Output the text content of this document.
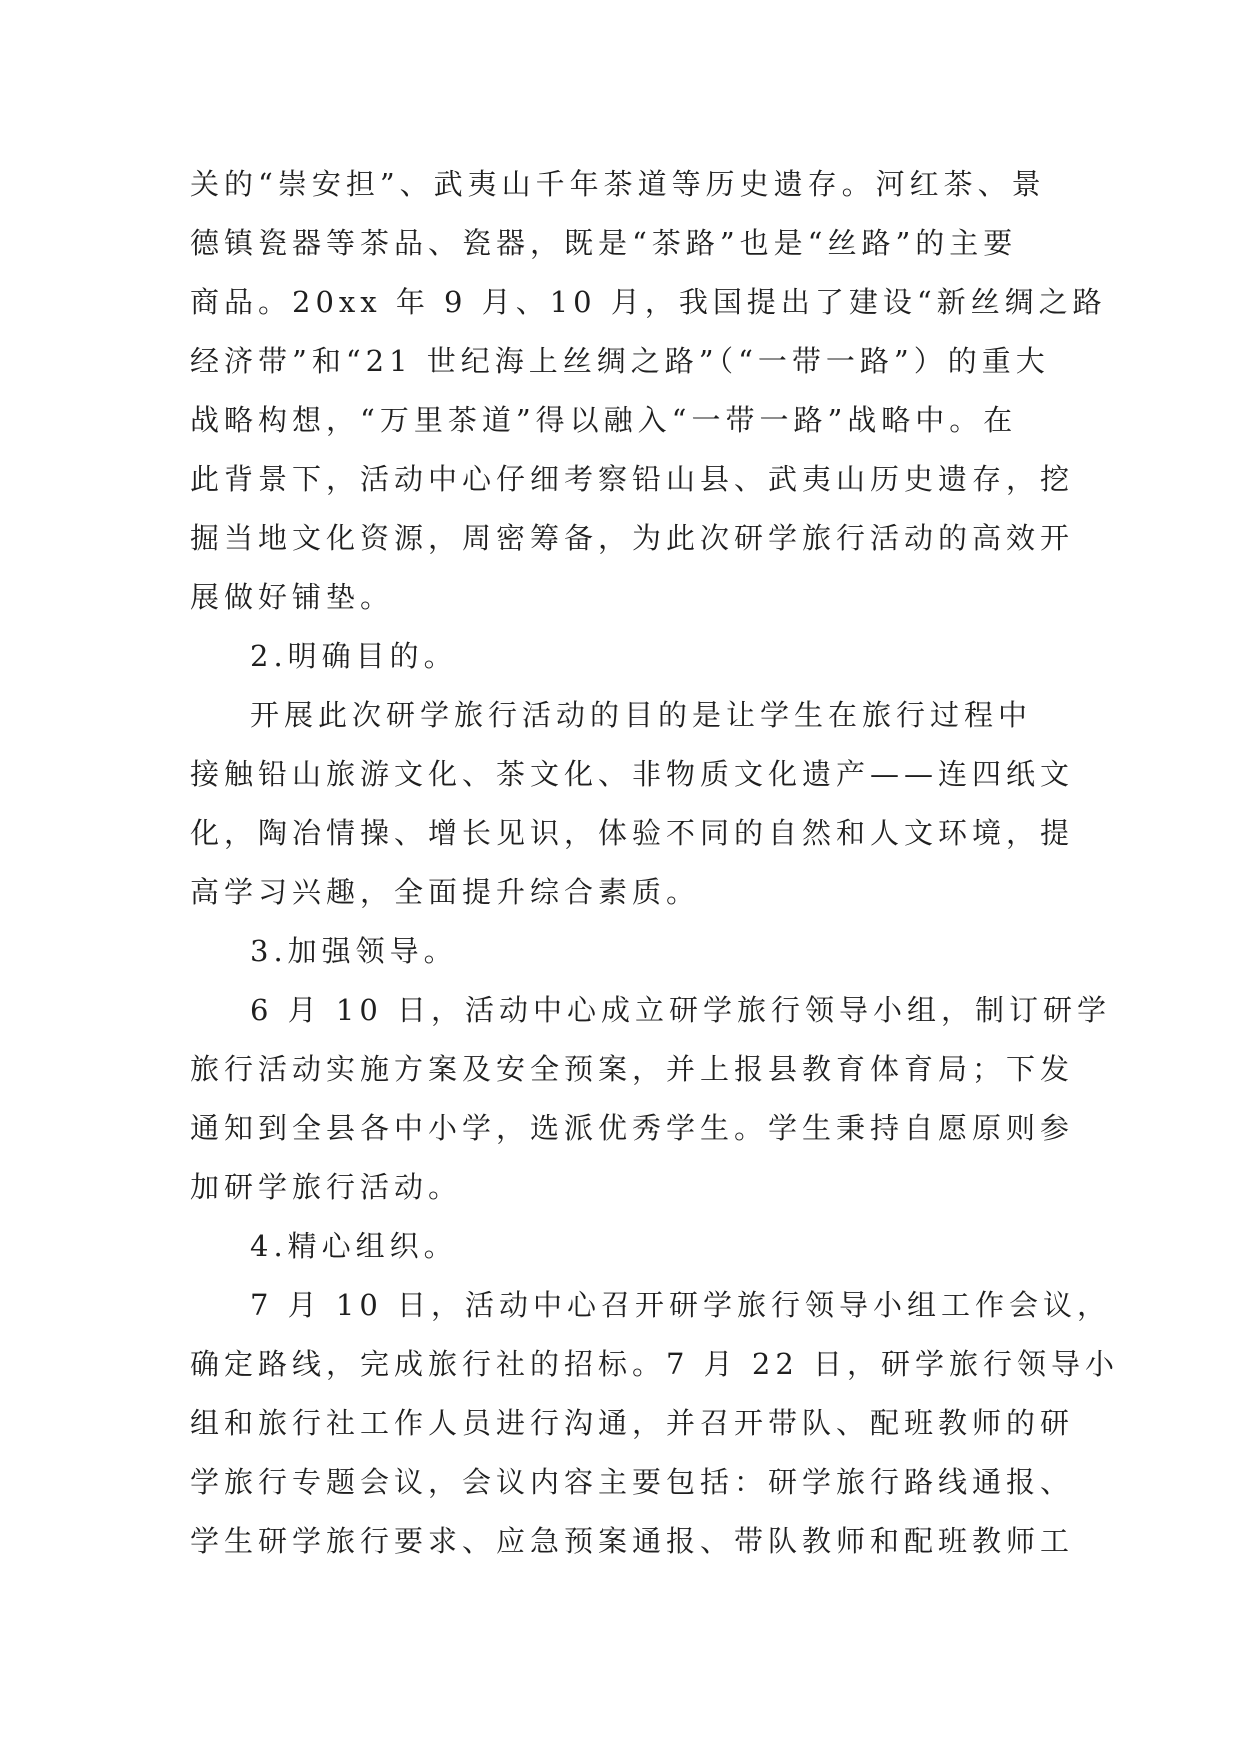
关的“崇安担”、武夷山千年茶道等历史遗存。河红茶、景
德镇瓷器等茶品、瓷器，既是“茶路”也是“丝路”的主要
商品。20xx 年 9 月、10 月，我国提出了建设“新丝绸之路
经济带”和“21 世纪海上丝绸之路”（“一带一路”）的重大
战略构想，“万里茶道”得以融入“一带一路”战略中。在
此背景下，活动中心仔细考察铅山县、武夷山历史遗存，挖
掘当地文化资源，周密筹备，为此次研学旅行活动的高效开
展做好铺垫。
2.明确目的。
开展此次研学旅行活动的目的是让学生在旅行过程中
接触铅山旅游文化、茶文化、非物质文化遗产——连四纸文
化，陶冶情操、增长见识，体验不同的自然和人文环境，提
高学习兴趣，全面提升综合素质。
3.加强领导。
6 月 10 日，活动中心成立研学旅行领导小组，制订研学
旅行活动实施方案及安全预案，并上报县教育体育局；下发
通知到全县各中小学，选派优秀学生。学生秉持自愿原则参
加研学旅行活动。
4.精心组织。
7 月 10 日，活动中心召开研学旅行领导小组工作会议，
确定路线，完成旅行社的招标。7 月 22 日，研学旅行领导小
组和旅行社工作人员进行沟通，并召开带队、配班教师的研
学旅行专题会议，会议内容主要包括：研学旅行路线通报、
学生研学旅行要求、应急预案通报、带队教师和配班教师工
